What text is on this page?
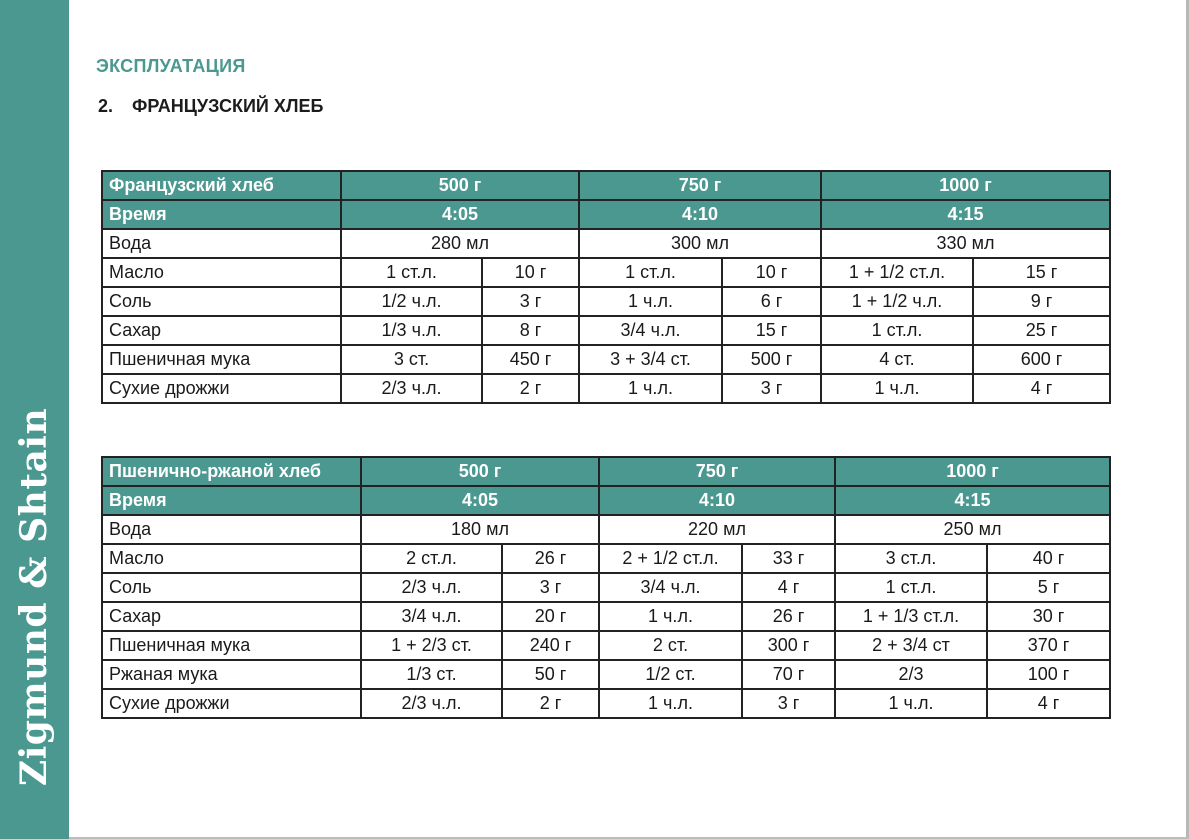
Zigmund & Shtain
ЭКСПЛУАТАЦИЯ
2. ФРАНЦУЗСКИЙ ХЛЕБ
Французский хлеб	500 г		750 г		1000 г	
Время	4:05		4:10		4:15	
Вода	280 мл		300 мл		330 мл	
Масло	1 ст.л.	10 г	1 ст.л.	10 г	1 + 1/2 ст.л.	15 г
Соль	1/2 ч.л.	3 г	1 ч.л.	6 г	1 + 1/2 ч.л.	9 г
Сахар	1/3 ч.л.	8 г	3/4 ч.л.	15 г	1 ст.л.	25 г
Пшеничная мука	3 ст.	450 г	3 + 3/4 ст.	500 г	4 ст.	600 г
Сухие дрожжи	2/3 ч.л.	2 г	1 ч.л.	3 г	1 ч.л.	4 г
Пшенично-ржаной хлеб	500 г		750 г		1000 г	
Время	4:05		4:10		4:15	
Вода	180 мл		220 мл		250 мл	
Масло	2 ст.л.	26 г	2 + 1/2 ст.л.	33 г	3 ст.л.	40 г
Соль	2/3 ч.л.	3 г	3/4 ч.л.	4 г	1 ст.л.	5 г
Сахар	3/4 ч.л.	20 г	1 ч.л.	26 г	1 + 1/3 ст.л.	30 г
Пшеничная мука	1 + 2/3 ст.	240 г	2 ст.	300 г	2 + 3/4 ст	370 г
Ржаная мука	1/3 ст.	50 г	1/2 ст.	70 г	2/3	100 г
Сухие дрожжи	2/3 ч.л.	2 г	1 ч.л.	3 г	1 ч.л.	4 г
